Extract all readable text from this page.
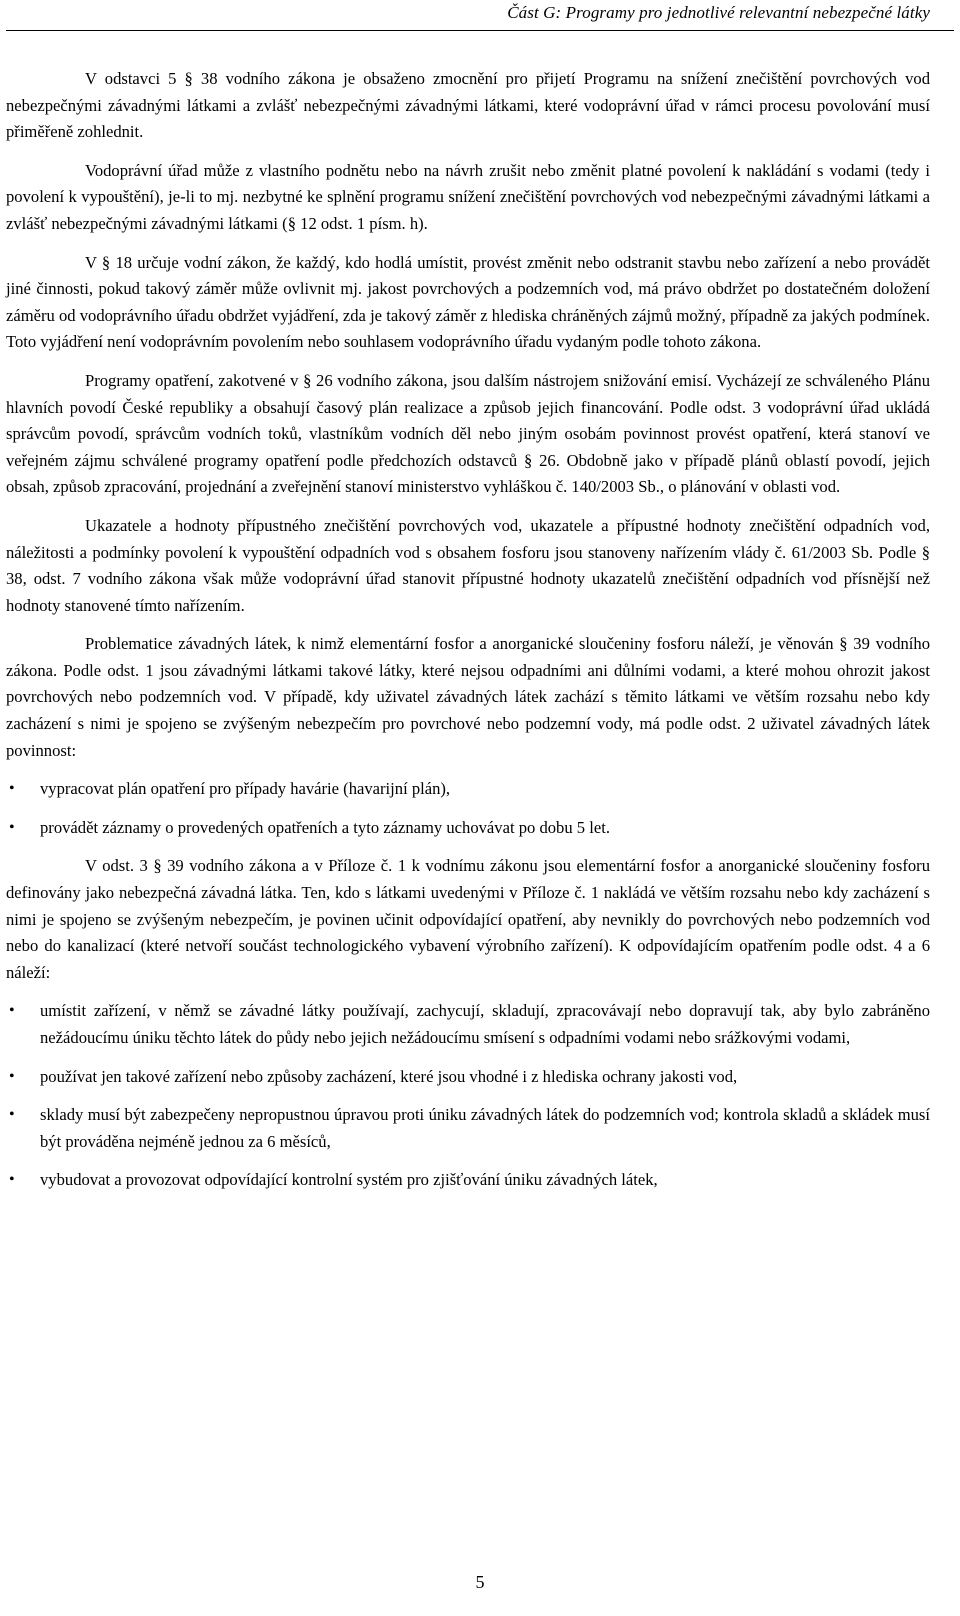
Část G: Programy pro jednotlivé relevantní nebezpečné látky

V odstavci 5 § 38 vodního zákona je obsaženo zmocnění pro přijetí Programu na snížení znečištění povrchových vod nebezpečnými závadnými látkami a zvlášť nebezpečnými závadnými látkami, které vodoprávní úřad v rámci procesu povolování musí přiměřeně zohlednit.

Vodoprávní úřad může z vlastního podnětu nebo na návrh zrušit nebo změnit platné povolení k nakládání s vodami (tedy i povolení k vypouštění), je-li to mj. nezbytné ke splnění programu snížení znečištění povrchových vod nebezpečnými závadnými látkami a zvlášť nebezpečnými závadnými látkami (§ 12 odst. 1 písm. h).

V § 18 určuje vodní zákon, že každý, kdo hodlá umístit, provést změnit nebo odstranit stavbu nebo zařízení a nebo provádět jiné činnosti, pokud takový záměr může ovlivnit mj. jakost povrchových a podzemních vod, má právo obdržet po dostatečném doložení záměru od vodoprávního úřadu obdržet vyjádření, zda je takový záměr z hlediska chráněných zájmů možný, případně za jakých podmínek. Toto vyjádření není vodoprávním povolením nebo souhlasem vodoprávního úřadu vydaným podle tohoto zákona.

Programy opatření, zakotvené v § 26 vodního zákona, jsou dalším nástrojem snižování emisí. Vycházejí ze schváleného Plánu hlavních povodí České republiky a obsahují časový plán realizace a způsob jejich financování. Podle odst. 3 vodoprávní úřad ukládá správcům povodí, správcům vodních toků, vlastníkům vodních děl nebo jiným osobám povinnost provést opatření, která stanoví ve veřejném zájmu schválené programy opatření podle předchozích odstavců § 26. Obdobně jako v případě plánů oblastí povodí, jejich obsah, způsob zpracování, projednání a zveřejnění stanoví ministerstvo vyhláškou č. 140/2003 Sb., o plánování v oblasti vod.

Ukazatele a hodnoty přípustného znečištění povrchových vod, ukazatele a přípustné hodnoty znečištění odpadních vod, náležitosti a podmínky povolení k vypouštění odpadních vod s obsahem fosforu jsou stanoveny nařízením vlády č. 61/2003 Sb. Podle § 38, odst. 7 vodního zákona však může vodoprávní úřad stanovit přípustné hodnoty ukazatelů znečištění odpadních vod přísnější než hodnoty stanovené tímto nařízením.

Problematice závadných látek, k nimž elementární fosfor a anorganické sloučeniny fosforu náleží, je věnován § 39 vodního zákona. Podle odst. 1 jsou závadnými látkami takové látky, které nejsou odpadními ani důlními vodami, a které mohou ohrozit jakost povrchových nebo podzemních vod. V případě, kdy uživatel závadných látek zachází s těmito látkami ve větším rozsahu nebo kdy zacházení s nimi je spojeno se zvýšeným nebezpečím pro povrchové nebo podzemní vody, má podle odst. 2 uživatel závadných látek povinnost:

• vypracovat plán opatření pro případy havárie (havarijní plán),
• provádět záznamy o provedených opatřeních a tyto záznamy uchovávat po dobu 5 let.

V odst. 3 § 39 vodního zákona a v Příloze č. 1 k vodnímu zákonu jsou elementární fosfor a anorganické sloučeniny fosforu definovány jako nebezpečná závadná látka. Ten, kdo s látkami uvedenými v Příloze č. 1 nakládá ve větším rozsahu nebo kdy zacházení s nimi je spojeno se zvýšeným nebezpečím, je povinen učinit odpovídající opatření, aby nevnikly do povrchových nebo podzemních vod nebo do kanalizací (které netvoří součást technologického vybavení výrobního zařízení). K odpovídajícím opatřením podle odst. 4 a 6 náleží:

• umístit zařízení, v němž se závadné látky používají, zachycují, skladují, zpracovávají nebo dopravují tak, aby bylo zabráněno nežádoucímu úniku těchto látek do půdy nebo jejich nežádoucímu smísení s odpadními vodami nebo srážkovými vodami,
• používat jen takové zařízení nebo způsoby zacházení, které jsou vhodné i z hlediska ochrany jakosti vod,
• sklady musí být zabezpečeny nepropustnou úpravou proti úniku závadných látek do podzemních vod; kontrola skladů a skládek musí být prováděna nejméně jednou za 6 měsíců,
• vybudovat a provozovat odpovídající kontrolní systém pro zjišťování úniku závadných látek,
5
